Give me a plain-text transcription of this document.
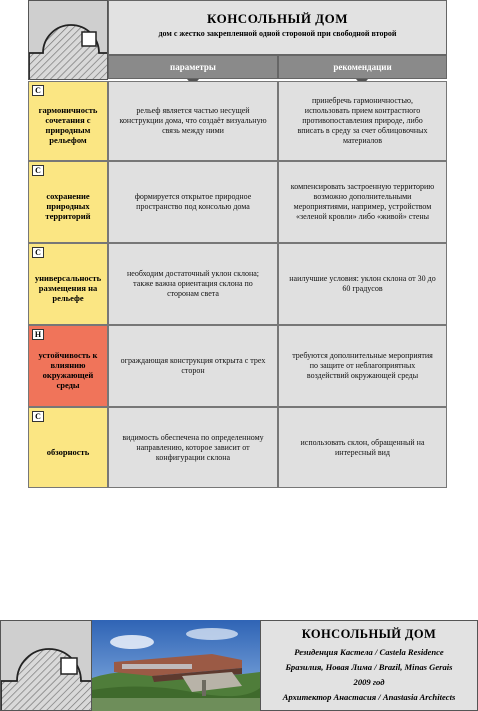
КОНСОЛЬНЫЙ ДОМ
дом с жестко закрепленной одной стороной при свободной второй
параметры	рекомендации
С
гармоничность сочетания с природным рельефом
рельеф является частью несущей конструкции дома, что создаёт визуальную связь между ними
принебречь гармоничностью, использовать прием контрастного противопоставления природе, либо вписать в среду за счет облицовочных материалов
С
сохранение природных территорий
формируется открытое природное пространство под консолью дома
компенсировать застроенную территорию возможно дополнительными мероприятиями, например, устройством «зеленой кровли» либо «живой» стены
С
универсальность размещения на рельефе
необходим достаточный уклон склона; также важна ориентация склона по сторонам света
наилучшие условия: уклон склона от 30 до 60 градусов
Н
устойчивость к влиянию окружающей среды
ограждающая конструкция открыта с трех сторон
требуются дополнительные мероприятия по защите от неблагоприятных воздействий окружающей среды
С
обзорность
видимость обеспечена по определенному направлению, которое зависит от конфигурации склона
использовать склон, обращенный на интересный вид
КОНСОЛЬНЫЙ ДОМ
Резиденция Кастела / Castela Residence
Бразилия, Новая Лима / Brazil, Minas Gerais
2009 год
Архитектор Анастасия / Anastasia Architects
